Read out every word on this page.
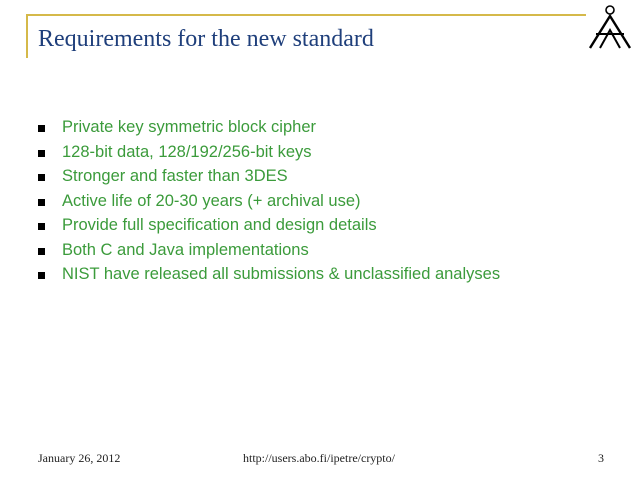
Requirements for the new standard
Private key symmetric block cipher
128-bit data, 128/192/256-bit keys
Stronger and faster than 3DES
Active life of 20-30 years (+ archival use)
Provide full specification and design details
Both C and Java implementations
NIST have released all submissions & unclassified analyses
January 26, 2012	http://users.abo.fi/ipetre/crypto/	3
